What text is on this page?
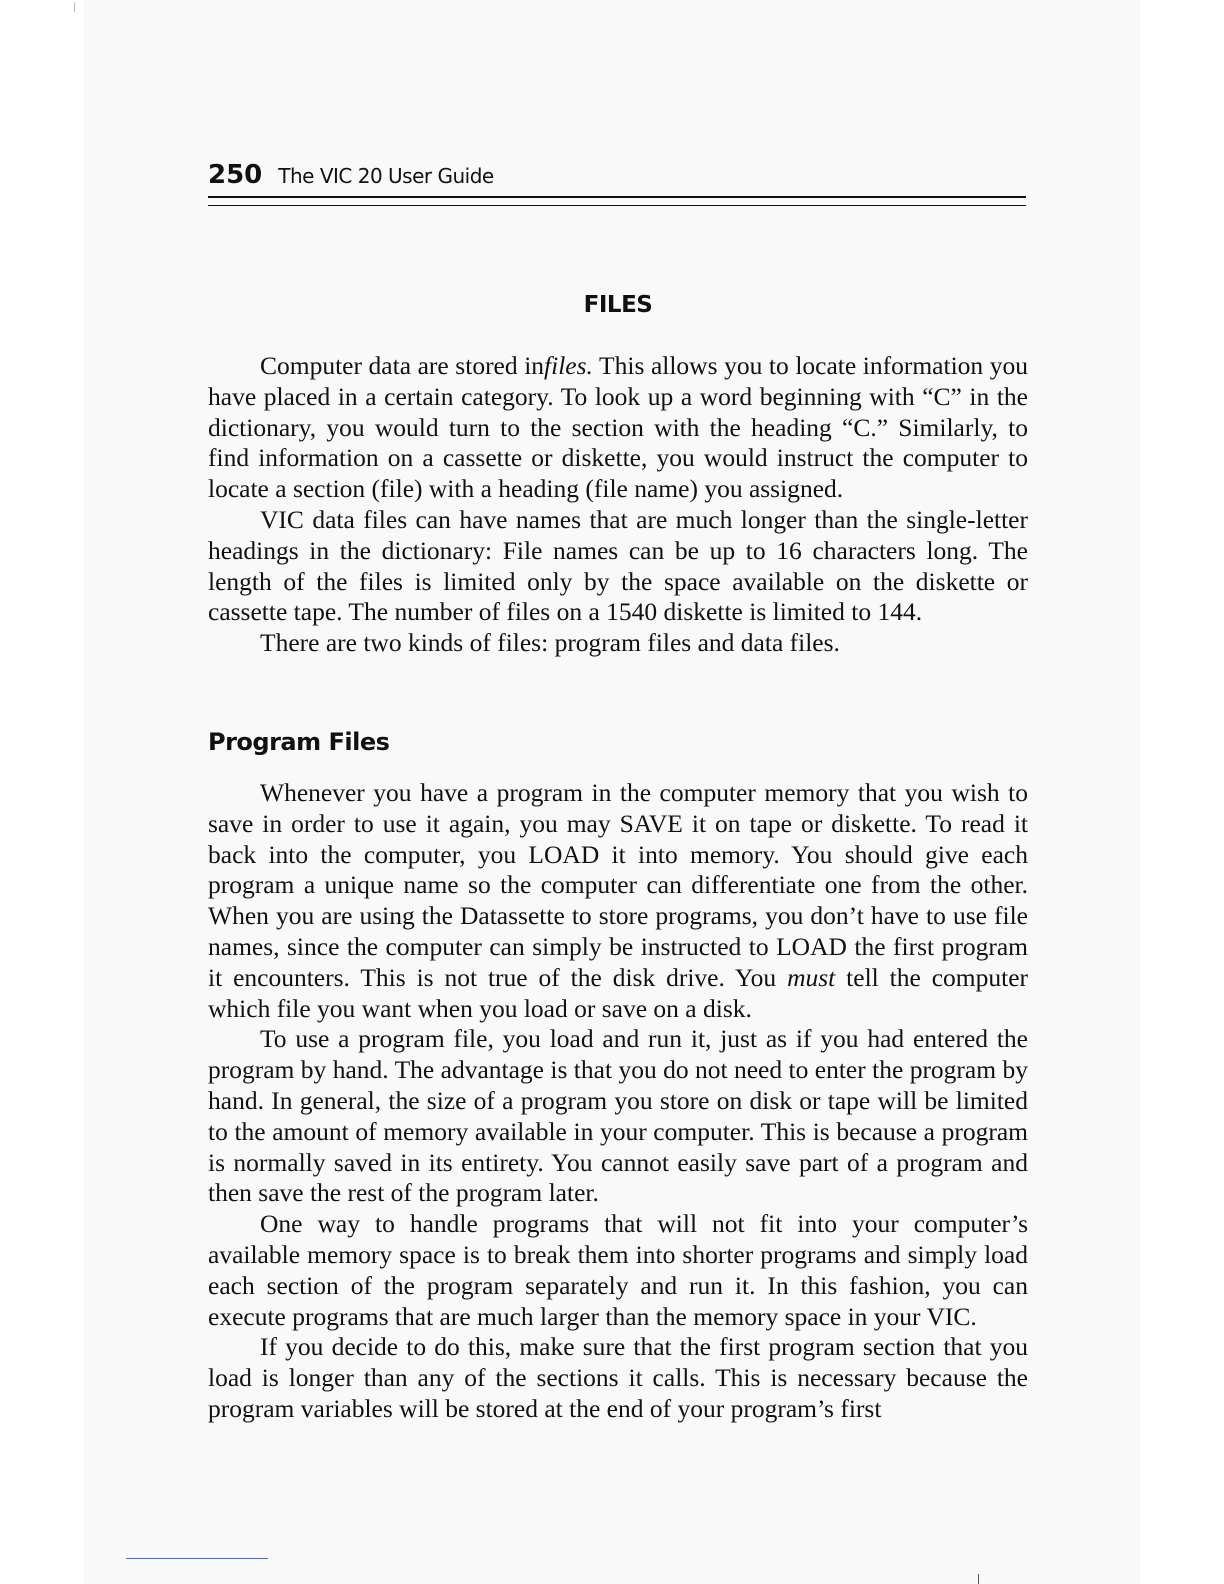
250 The VIC 20 User Guide
FILES

Computer data are stored infiles. This allows you to locate information you have placed in a certain category. To look up a word beginning with “C” in the dictionary, you would turn to the section with the heading “C.” Similarly, to find information on a cassette or diskette, you would instruct the computer to locate a section (file) with a heading (file name) you assigned.

VIC data files can have names that are much longer than the single-letter headings in the dictionary: File names can be up to 16 characters long. The length of the files is limited only by the space available on the diskette or cassette tape. The number of files on a 1540 diskette is limited to 144.

There are two kinds of files: program files and data files.

Program Files

Whenever you have a program in the computer memory that you wish to save in order to use it again, you may SAVE it on tape or diskette. To read it back into the computer, you LOAD it into memory. You should give each program a unique name so the computer can differentiate one from the other. When you are using the Datassette to store programs, you don’t have to use file names, since the computer can simply be instructed to LOAD the first program it encounters. This is not true of the disk drive. You must tell the computer which file you want when you load or save on a disk.

To use a program file, you load and run it, just as if you had entered the program by hand. The advantage is that you do not need to enter the program by hand. In general, the size of a program you store on disk or tape will be limited to the amount of memory available in your computer. This is because a program is normally saved in its entirety. You cannot easily save part of a program and then save the rest of the program later.

One way to handle programs that will not fit into your computer’s available memory space is to break them into shorter programs and simply load each section of the program separately and run it. In this fashion, you can execute programs that are much larger than the memory space in your VIC.

If you decide to do this, make sure that the first program section that you load is longer than any of the sections it calls. This is necessary because the program variables will be stored at the end of your program’s first
